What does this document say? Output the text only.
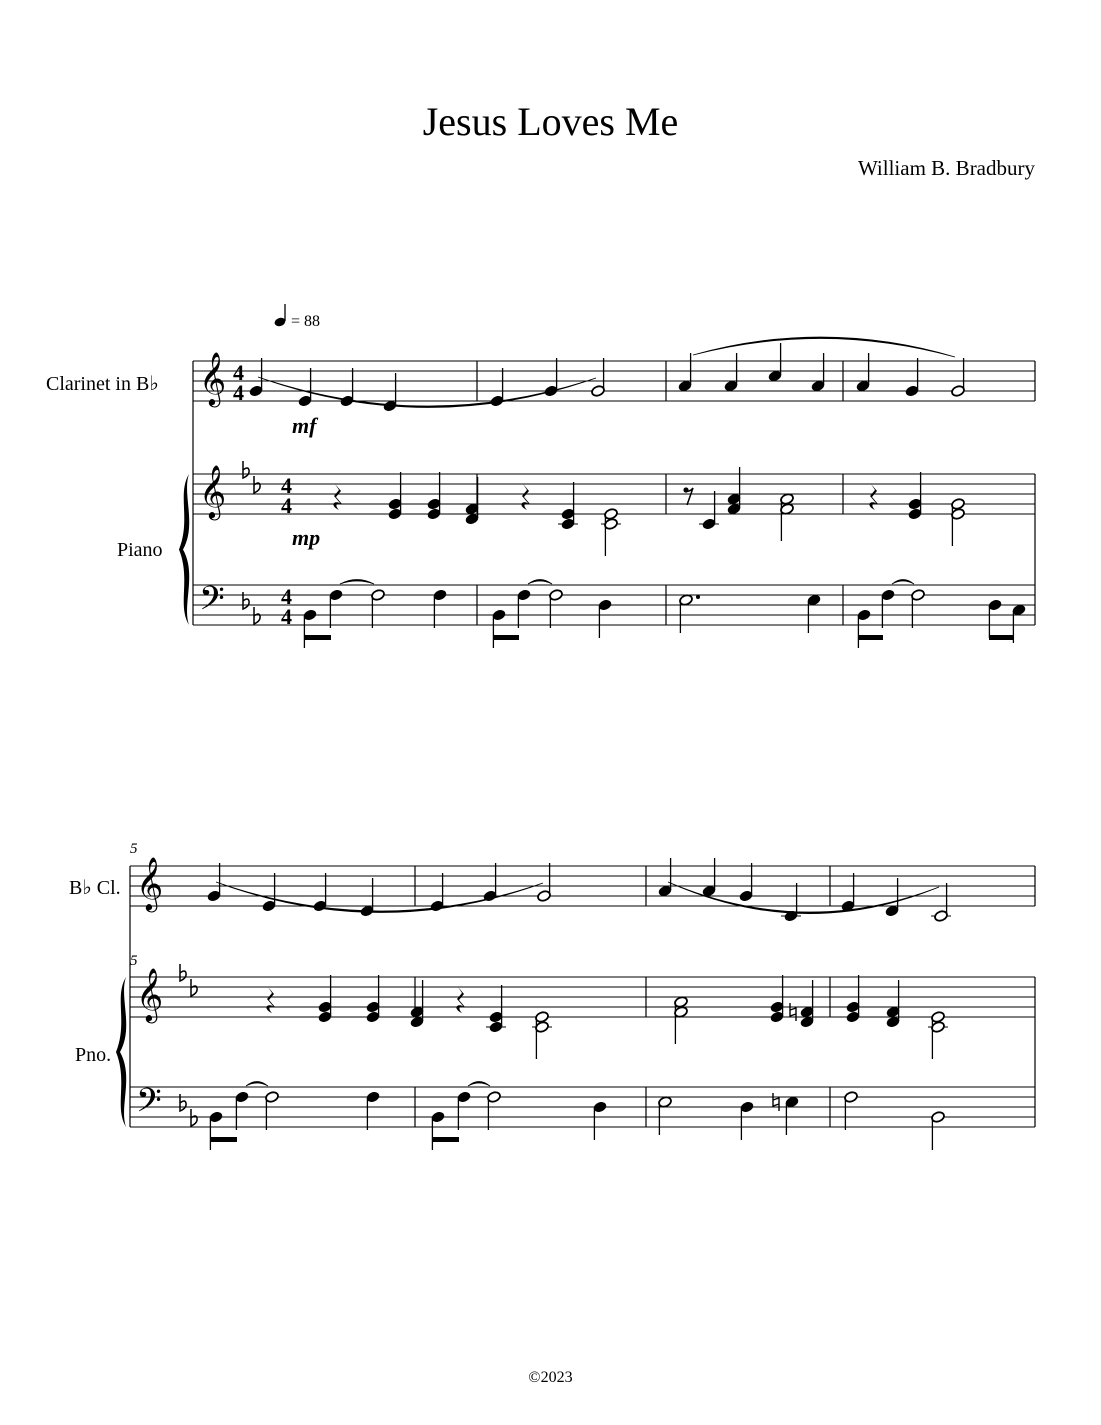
Jesus Loves Me
William B. Bradbury
Clarinet in B♭
Piano
B♭ Cl.
Pno.
= 88
𝄞
𝄞
𝄢
4
4
4
4
4
4
mf
mp
𝄞
𝄞
𝄢
5
5
©2023
